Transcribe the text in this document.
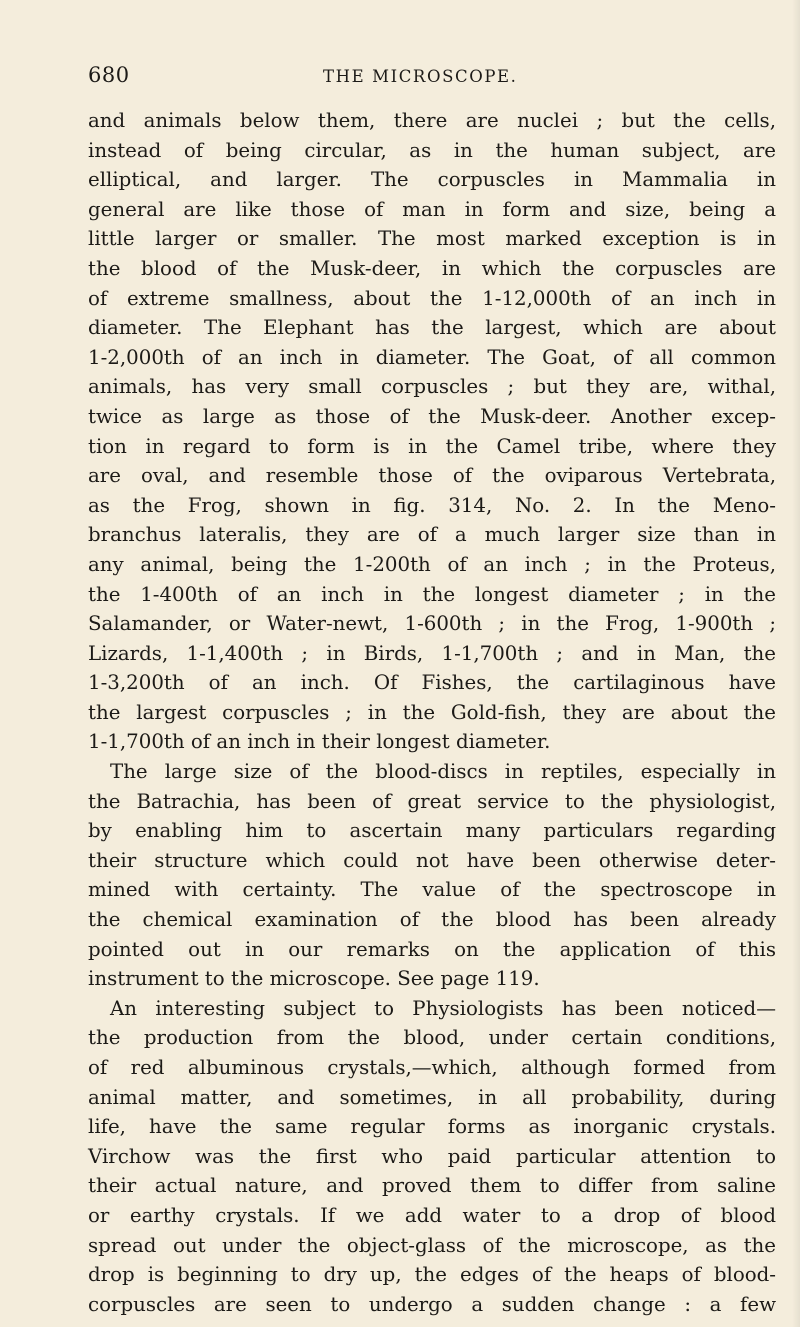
680	THE MICROSCOPE.
and animals below them, there are nuclei ; but the cells,
instead of being circular, as in the human subject, are
elliptical, and larger. The corpuscles in Mammalia in
general are like those of man in form and size, being a
little larger or smaller. The most marked exception is in
the blood of the Musk-deer, in which the corpuscles are
of extreme smallness, about the 1-12,000th of an inch in
diameter. The Elephant has the largest, which are about
1-2,000th of an inch in diameter. The Goat, of all common
animals, has very small corpuscles ; but they are, withal,
twice as large as those of the Musk-deer. Another excep-
tion in regard to form is in the Camel tribe, where they
are oval, and resemble those of the oviparous Vertebrata,
as the Frog, shown in fig. 314, No. 2. In the Meno-
branchus lateralis, they are of a much larger size than in
any animal, being the 1-200th of an inch ; in the Proteus,
the 1-400th of an inch in the longest diameter ; in the
Salamander, or Water-newt, 1-600th ; in the Frog, 1-900th ;
Lizards, 1-1,400th ; in Birds, 1-1,700th ; and in Man, the
1-3,200th of an inch. Of Fishes, the cartilaginous have
the largest corpuscles ; in the Gold-fish, they are about the
1-1,700th of an inch in their longest diameter.
The large size of the blood-discs in reptiles, especially in
the Batrachia, has been of great service to the physiologist,
by enabling him to ascertain many particulars regarding
their structure which could not have been otherwise deter-
mined with certainty. The value of the spectroscope in
the chemical examination of the blood has been already
pointed out in our remarks on the application of this
instrument to the microscope. See page 119.
An interesting subject to Physiologists has been noticed—
the production from the blood, under certain conditions,
of red albuminous crystals,—which, although formed from
animal matter, and sometimes, in all probability, during
life, have the same regular forms as inorganic crystals.
Virchow was the first who paid particular attention to
their actual nature, and proved them to differ from saline
or earthy crystals. If we add water to a drop of blood
spread out under the object-glass of the microscope, as the
drop is beginning to dry up, the edges of the heaps of blood-
corpuscles are seen to undergo a sudden change : a few
